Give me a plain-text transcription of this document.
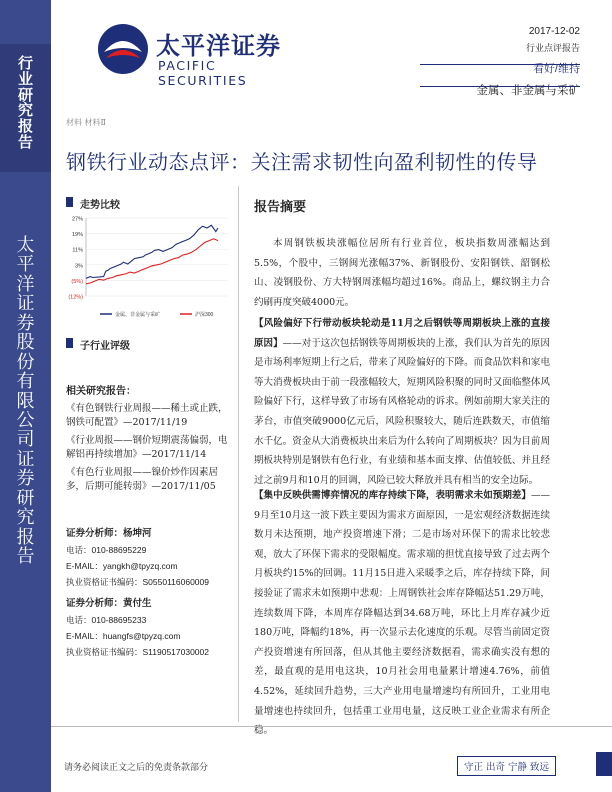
行
业
研
究
报
告
太
平
洋
证
券
股
份
有
限
公
司
证
券
研
究
报
告
太平洋证券
PACIFIC SECURITIES
2017-12-02
行业点评报告
看好/维持
金属、非金属与采矿
材料 材料Ⅱ
钢铁行业动态点评：关注需求韧性向盈利韧性的传导
走势比较
27%
19%
11%
3%
(5%)
(12%)
金属、非金属与采矿	沪深300
子行业评级
相关研究报告：
《有色钢铁行业周报——稀土或止跌，钢铁可配置》—2017/11/19
《行业周报——钢价短期震荡偏弱，电解铝再持续增加》—2017/11/14
《有色行业周报——镍价炒作因素居多，后期可能转弱》—2017/11/05
证券分析师：杨坤河
电话：010-88695229
E-MAIL：yangkh@tpyzq.com
执业资格证书编码：S0550116060009
证券分析师：黄付生
电话：010-88695233
E-MAIL：huangfs@tpyzq.com
执业资格证书编码：S1190517030002
报告摘要
本周钢铁板块涨幅位居所有行业首位，板块指数周涨幅达到5.5%，个股中，三钢闽光涨幅37%、新钢股份、安阳钢铁、韶钢松山、凌钢股份、方大特钢周涨幅均超过16%。商品上，螺纹钢主力合约刷再度突破4000元。
【风险偏好下行带动板块轮动是11月之后钢铁等周期板块上涨的直接原因】——对于这次包括钢铁等周期板块的上涨，我们认为首先的原因是市场利率短期上行之后，带来了风险偏好的下降。而食品饮料和家电等大消费板块由于前一段涨幅较大，短期风险积聚的同时又面临整体风险偏好下行，这样导致了市场有风格轮动的诉求。例如前期大家关注的茅台，市值突破9000亿元后，风险积聚较大，随后连跌数天，市值缩水千亿。资金从大消费板块出来后为什么转向了周期板块？因为目前周期板块特别是钢铁有色行业，有业绩和基本面支撑、估值较低、并且经过之前9月和10月的回调，风险已较大释放并具有相当的安全边际。
【集中反映供需博弈情况的库存持续下降，表明需求未如预期差】——9月至10月这一波下跌主要因为需求方面原因，一是宏观经济数据连续数月未达预期，地产投资增速下滑；二是市场对环保下的需求比较悲观，放大了环保下需求的受限幅度。需求端的担忧直接导致了过去两个月板块约15%的回调。11月15日进入采暖季之后，库存持续下降，间接验证了需求未如预期中悲观：上周钢铁社会库存降幅达51.29万吨，连续数周下降，本周库存降幅达到34.68万吨，环比上月库存减少近180万吨，降幅约18%，再一次显示去化速度的乐观。尽管当前固定资产投资增速有所回落，但从其他主要经济数据看，需求确实没有想的差，最直观的是用电这块，10月社会用电量累计增速4.76%，前值4.52%，延续回升趋势，三大产业用电量增速均有所回升，工业用电量增速也持续回升，包括重工业用电量，这反映工业企业需求有所企稳。
请务必阅读正文之后的免责条款部分	守正 出奇 宁静 致远
